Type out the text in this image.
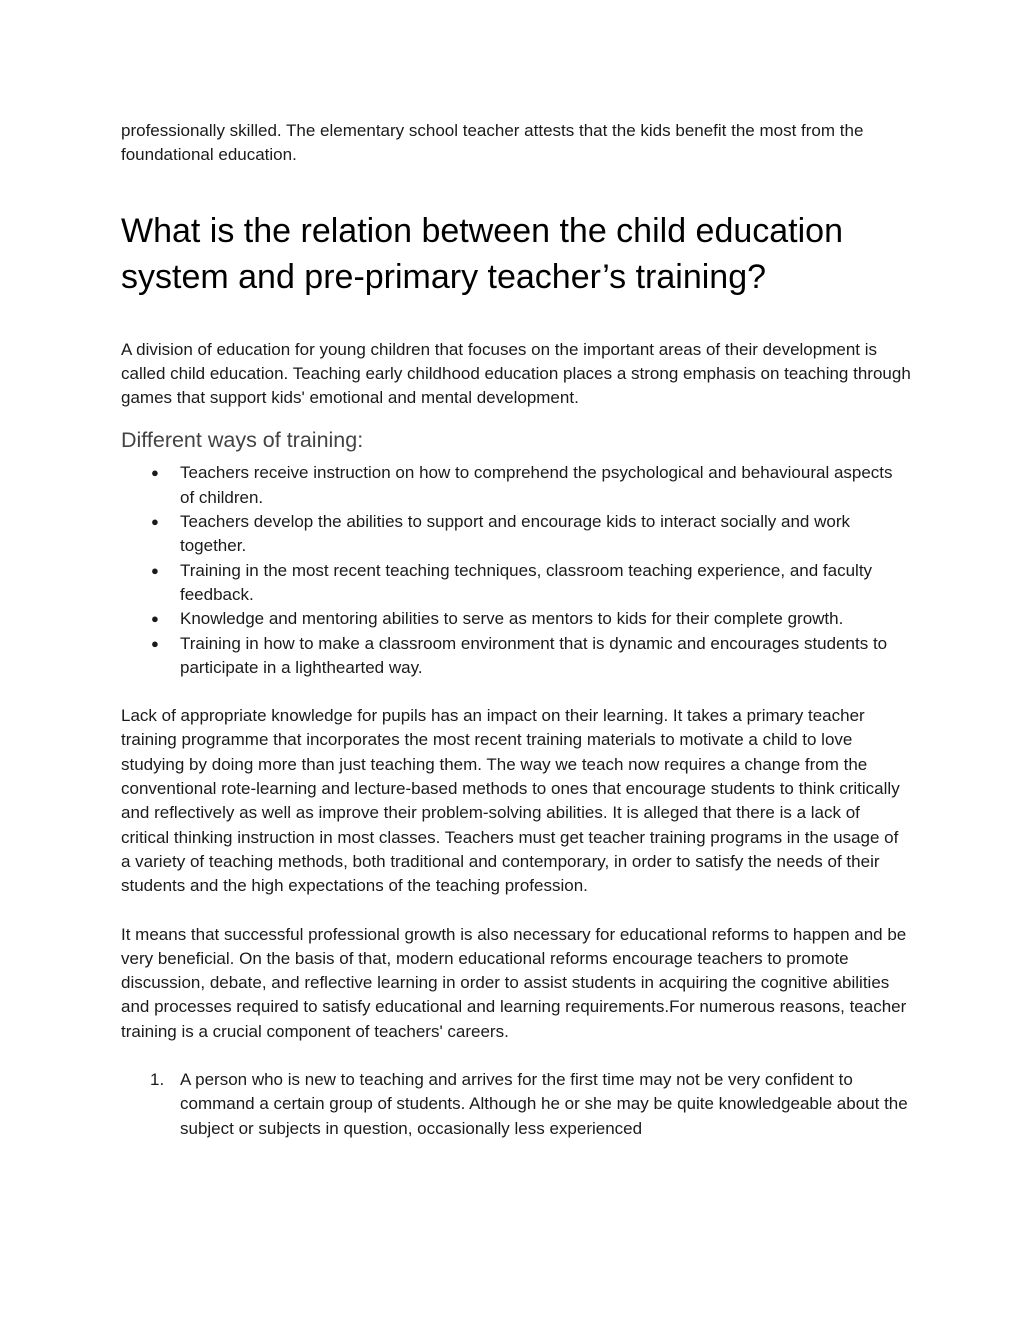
professionally skilled. The elementary school teacher attests that the kids benefit the most from the foundational education.

What is the relation between the child education system and pre-primary teacher’s training?

A division of education for young children that focuses on the important areas of their development is called child education. Teaching early childhood education places a strong emphasis on teaching through games that support kids' emotional and mental development.

Different ways of training:
● Teachers receive instruction on how to comprehend the psychological and behavioural aspects of children.
● Teachers develop the abilities to support and encourage kids to interact socially and work together.
● Training in the most recent teaching techniques, classroom teaching experience, and faculty feedback.
● Knowledge and mentoring abilities to serve as mentors to kids for their complete growth.
● Training in how to make a classroom environment that is dynamic and encourages students to participate in a lighthearted way.

Lack of appropriate knowledge for pupils has an impact on their learning. It takes a primary teacher training programme that incorporates the most recent training materials to motivate a child to love studying by doing more than just teaching them. The way we teach now requires a change from the conventional rote-learning and lecture-based methods to ones that encourage students to think critically and reflectively as well as improve their problem-solving abilities. It is alleged that there is a lack of critical thinking instruction in most classes. Teachers must get teacher training programs in the usage of a variety of teaching methods, both traditional and contemporary, in order to satisfy the needs of their students and the high expectations of the teaching profession.

It means that successful professional growth is also necessary for educational reforms to happen and be very beneficial. On the basis of that, modern educational reforms encourage teachers to promote discussion, debate, and reflective learning in order to assist students in acquiring the cognitive abilities and processes required to satisfy educational and learning requirements.For numerous reasons, teacher training is a crucial component of teachers' careers.

1. A person who is new to teaching and arrives for the first time may not be very confident to command a certain group of students. Although he or she may be quite knowledgeable about the subject or subjects in question, occasionally less experienced
